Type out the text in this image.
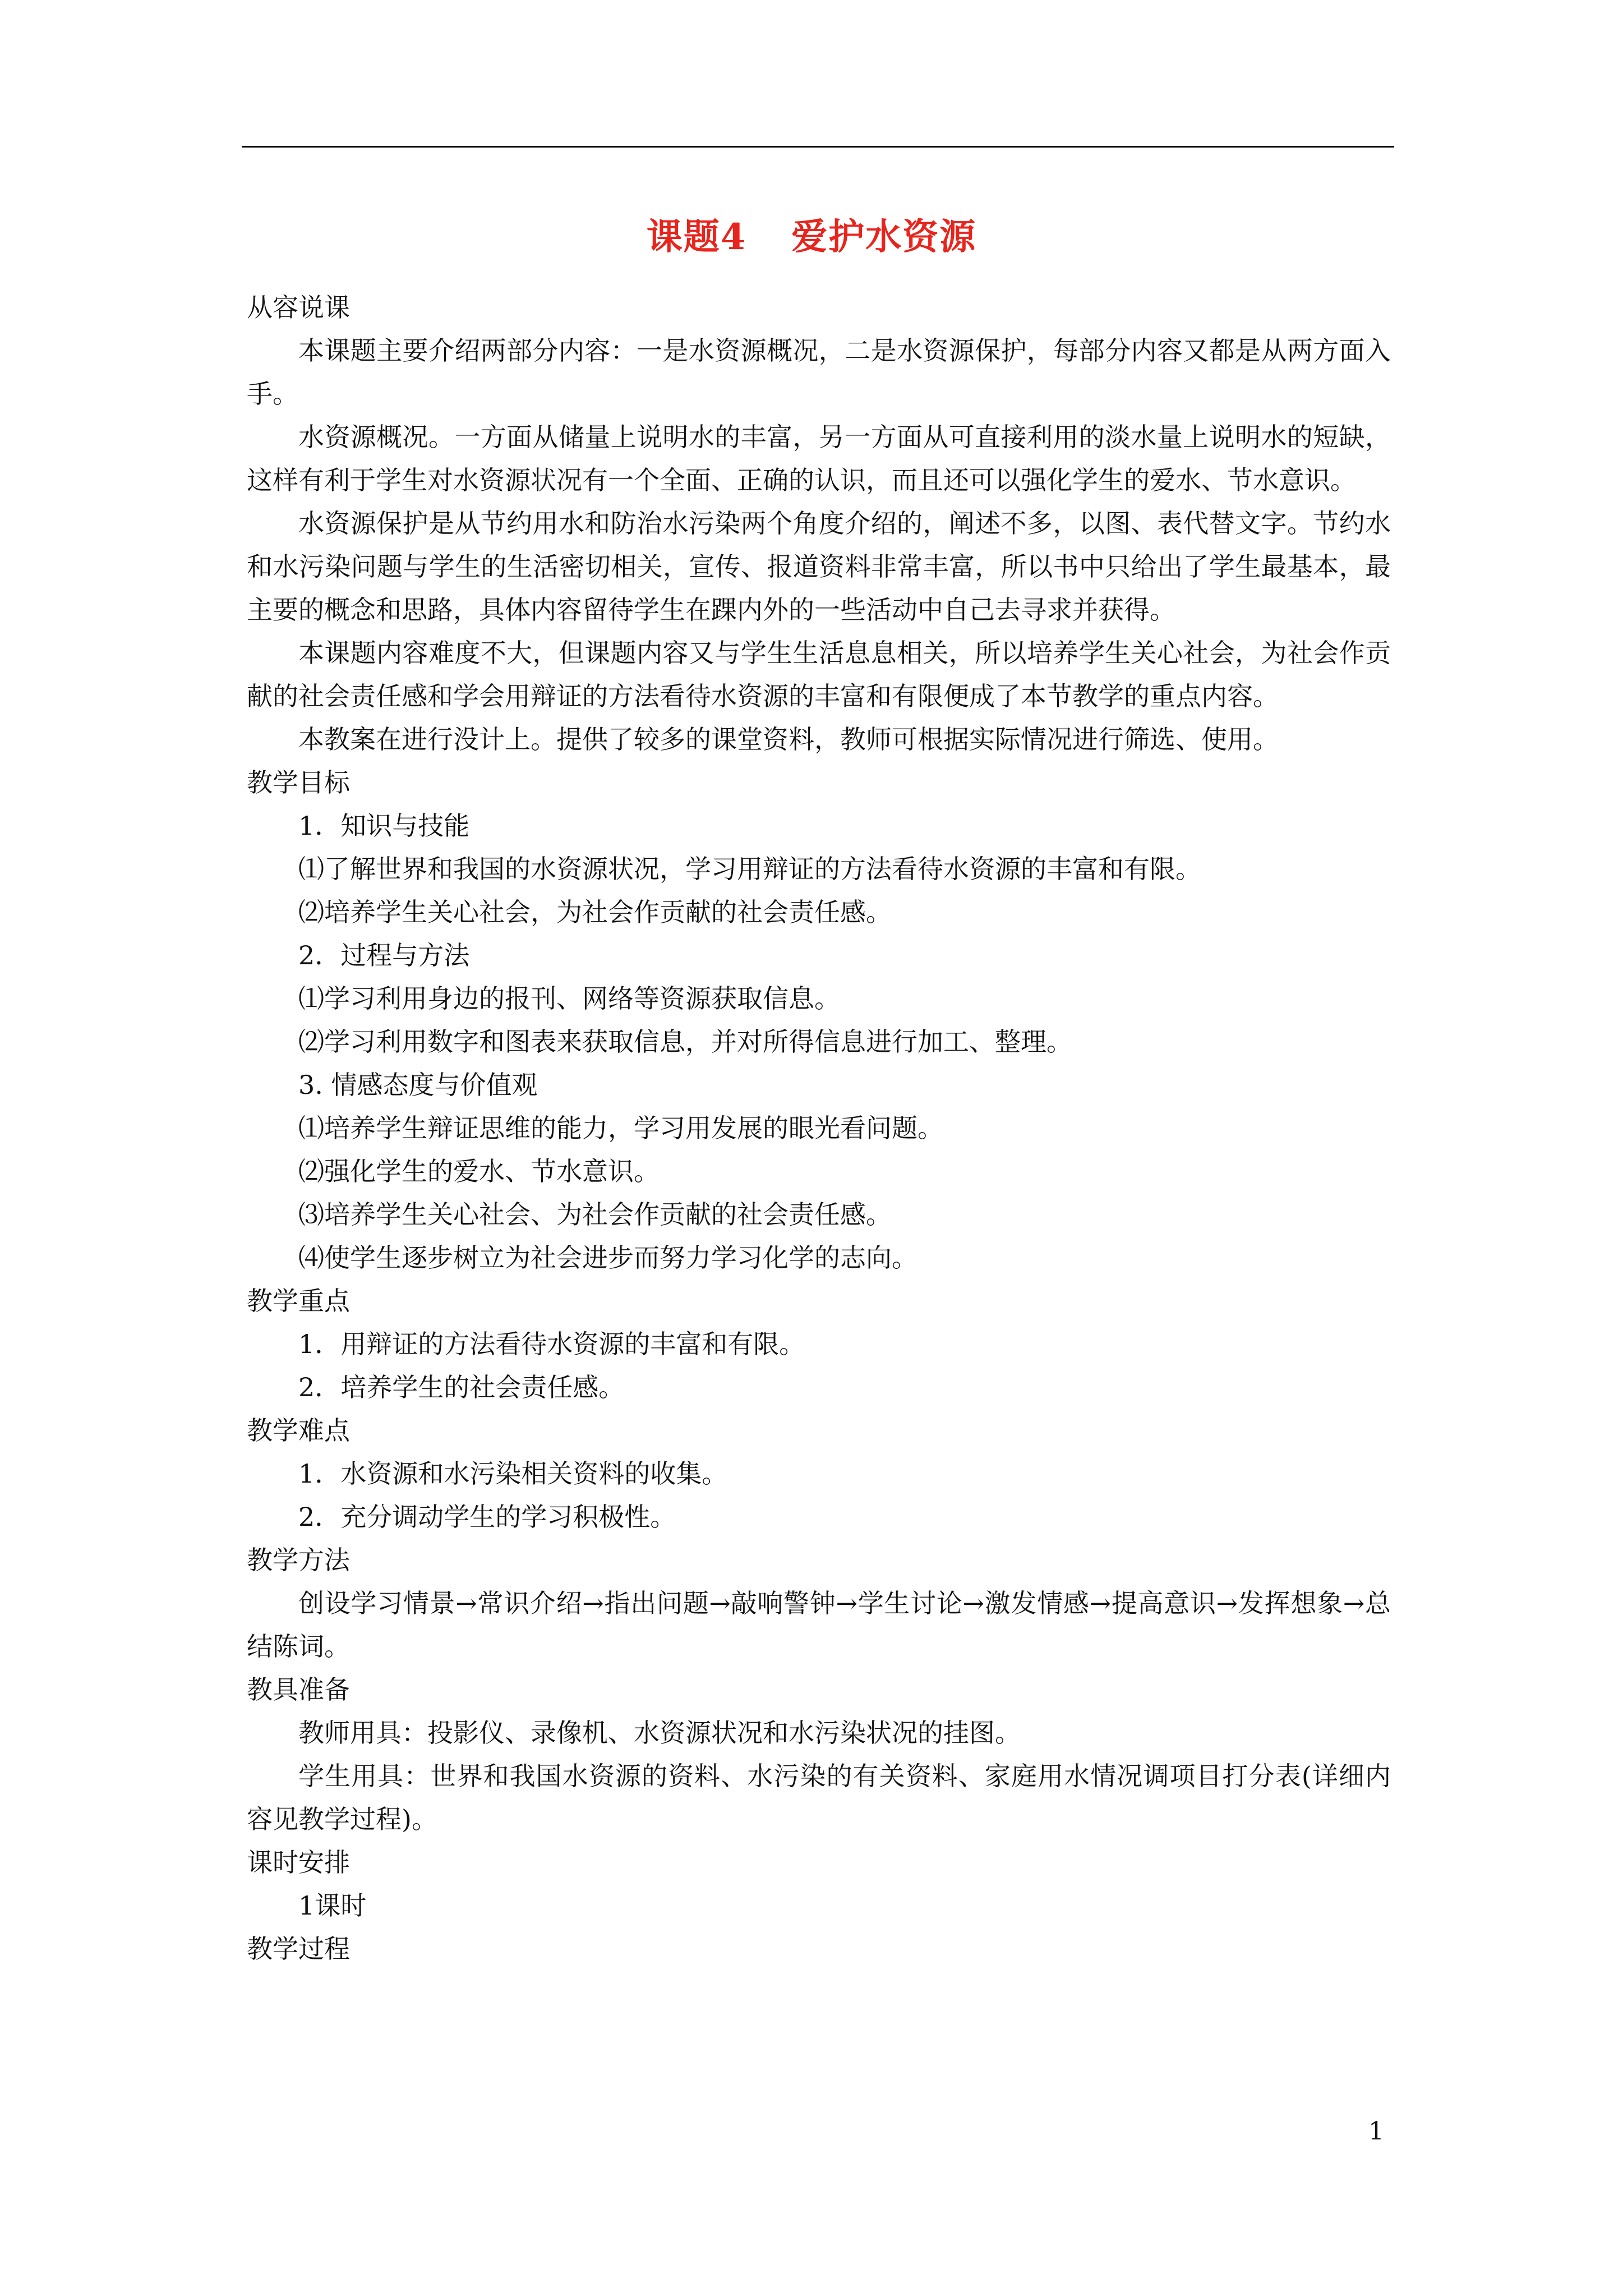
课题4 爱护水资源

从容说课

本课题主要介绍两部分内容：一是水资源概况，二是水资源保护，每部分内容又都是从两方面入手。

水资源概况。一方面从储量上说明水的丰富，另一方面从可直接利用的淡水量上说明水的短缺，这样有利于学生对水资源状况有一个全面、正确的认识，而且还可以强化学生的爱水、节水意识。

水资源保护是从节约用水和防治水污染两个角度介绍的，阐述不多，以图、表代替文字。节约水和水污染问题与学生的生活密切相关，宣传、报道资料非常丰富，所以书中只给出了学生最基本，最主要的概念和思路，具体内容留待学生在踝内外的一些活动中自己去寻求并获得。

本课题内容难度不大，但课题内容又与学生生活息息相关，所以培养学生关心社会，为社会作贡献的社会责任感和学会用辩证的方法看待水资源的丰富和有限便成了本节教学的重点内容。

本教案在进行没计上。提供了较多的课堂资料，教师可根据实际情况进行筛选、使用。

教学目标

1．知识与技能

⑴了解世界和我国的水资源状况，学习用辩证的方法看待水资源的丰富和有限。

⑵培养学生关心社会，为社会作贡献的社会责任感。

2．过程与方法

⑴学习利用身边的报刊、网络等资源获取信息。

⑵学习利用数字和图表来获取信息，并对所得信息进行加工、整理。

3. 情感态度与价值观

⑴培养学生辩证思维的能力，学习用发展的眼光看问题。

⑵强化学生的爱水、节水意识。

⑶培养学生关心社会、为社会作贡献的社会责任感。

⑷使学生逐步树立为社会进步而努力学习化学的志向。

教学重点

1．用辩证的方法看待水资源的丰富和有限。

2．培养学生的社会责任感。

教学难点

1．水资源和水污染相关资料的收集。

2．充分调动学生的学习积极性。

教学方法

创设学习情景→常识介绍→指出问题→敲响警钟→学生讨论→激发情感→提高意识→发挥想象→总结陈词。

教具准备

教师用具：投影仪、录像机、水资源状况和水污染状况的挂图。

学生用具：世界和我国水资源的资料、水污染的有关资料、家庭用水情况调项目打分表(详细内容见教学过程)。

课时安排

1课时

教学过程

1
